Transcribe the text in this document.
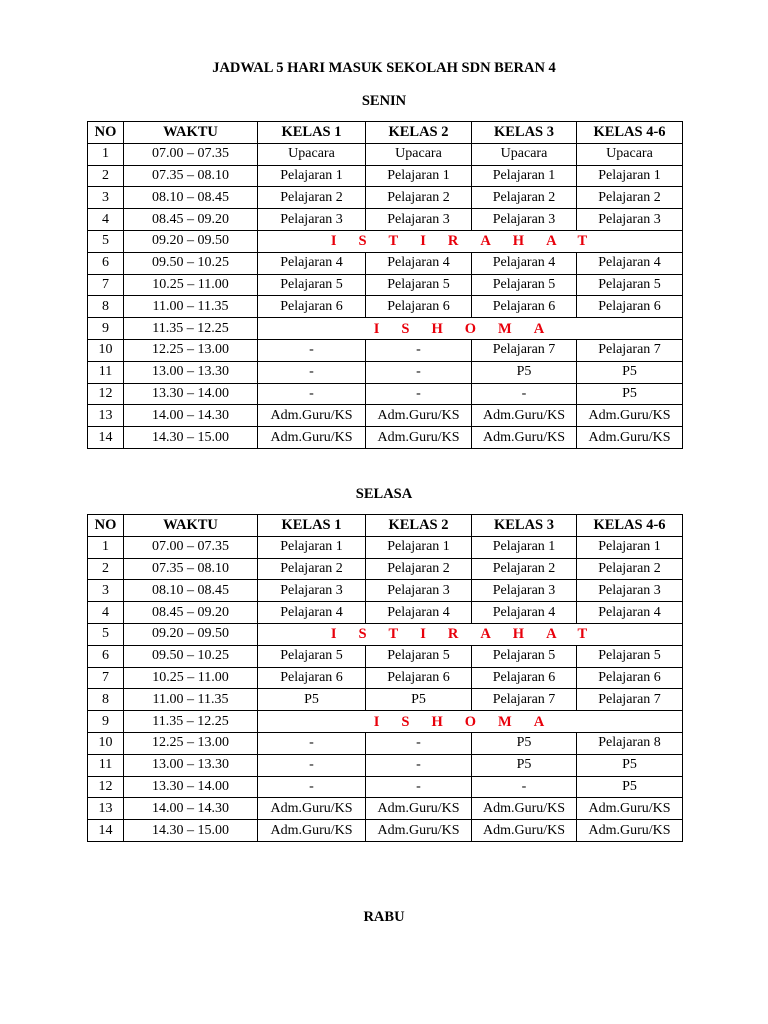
JADWAL 5 HARI MASUK SEKOLAH SDN BERAN 4
SENIN
NO	WAKTU	KELAS 1	KELAS 2	KELAS 3	KELAS 4-6
1	07.00 – 07.35	Upacara	Upacara	Upacara	Upacara
2	07.35 – 08.10	Pelajaran 1	Pelajaran 1	Pelajaran 1	Pelajaran 1
3	08.10 – 08.45	Pelajaran 2	Pelajaran 2	Pelajaran 2	Pelajaran 2
4	08.45 – 09.20	Pelajaran 3	Pelajaran 3	Pelajaran 3	Pelajaran 3
5	09.20 – 09.50	ISTIRAHAT			
6	09.50 – 10.25	Pelajaran 4	Pelajaran 4	Pelajaran 4	Pelajaran 4
7	10.25 – 11.00	Pelajaran 5	Pelajaran 5	Pelajaran 5	Pelajaran 5
8	11.00 – 11.35	Pelajaran 6	Pelajaran 6	Pelajaran 6	Pelajaran 6
9	11.35 – 12.25	ISHOMA			
10	12.25 – 13.00	-	-	Pelajaran 7	Pelajaran 7
11	13.00 – 13.30	-	-	P5	P5
12	13.30 – 14.00	-	-	-	P5
13	14.00 – 14.30	Adm.Guru/KS	Adm.Guru/KS	Adm.Guru/KS	Adm.Guru/KS
14	14.30 – 15.00	Adm.Guru/KS	Adm.Guru/KS	Adm.Guru/KS	Adm.Guru/KS
SELASA
NO	WAKTU	KELAS 1	KELAS 2	KELAS 3	KELAS 4-6
1	07.00 – 07.35	Pelajaran 1	Pelajaran 1	Pelajaran 1	Pelajaran 1
2	07.35 – 08.10	Pelajaran 2	Pelajaran 2	Pelajaran 2	Pelajaran 2
3	08.10 – 08.45	Pelajaran 3	Pelajaran 3	Pelajaran 3	Pelajaran 3
4	08.45 – 09.20	Pelajaran 4	Pelajaran 4	Pelajaran 4	Pelajaran 4
5	09.20 – 09.50	ISTIRAHAT			
6	09.50 – 10.25	Pelajaran 5	Pelajaran 5	Pelajaran 5	Pelajaran 5
7	10.25 – 11.00	Pelajaran 6	Pelajaran 6	Pelajaran 6	Pelajaran 6
8	11.00 – 11.35	P5	P5	Pelajaran 7	Pelajaran 7
9	11.35 – 12.25	ISHOMA			
10	12.25 – 13.00	-	-	P5	Pelajaran 8
11	13.00 – 13.30	-	-	P5	P5
12	13.30 – 14.00	-	-	-	P5
13	14.00 – 14.30	Adm.Guru/KS	Adm.Guru/KS	Adm.Guru/KS	Adm.Guru/KS
14	14.30 – 15.00	Adm.Guru/KS	Adm.Guru/KS	Adm.Guru/KS	Adm.Guru/KS
RABU
